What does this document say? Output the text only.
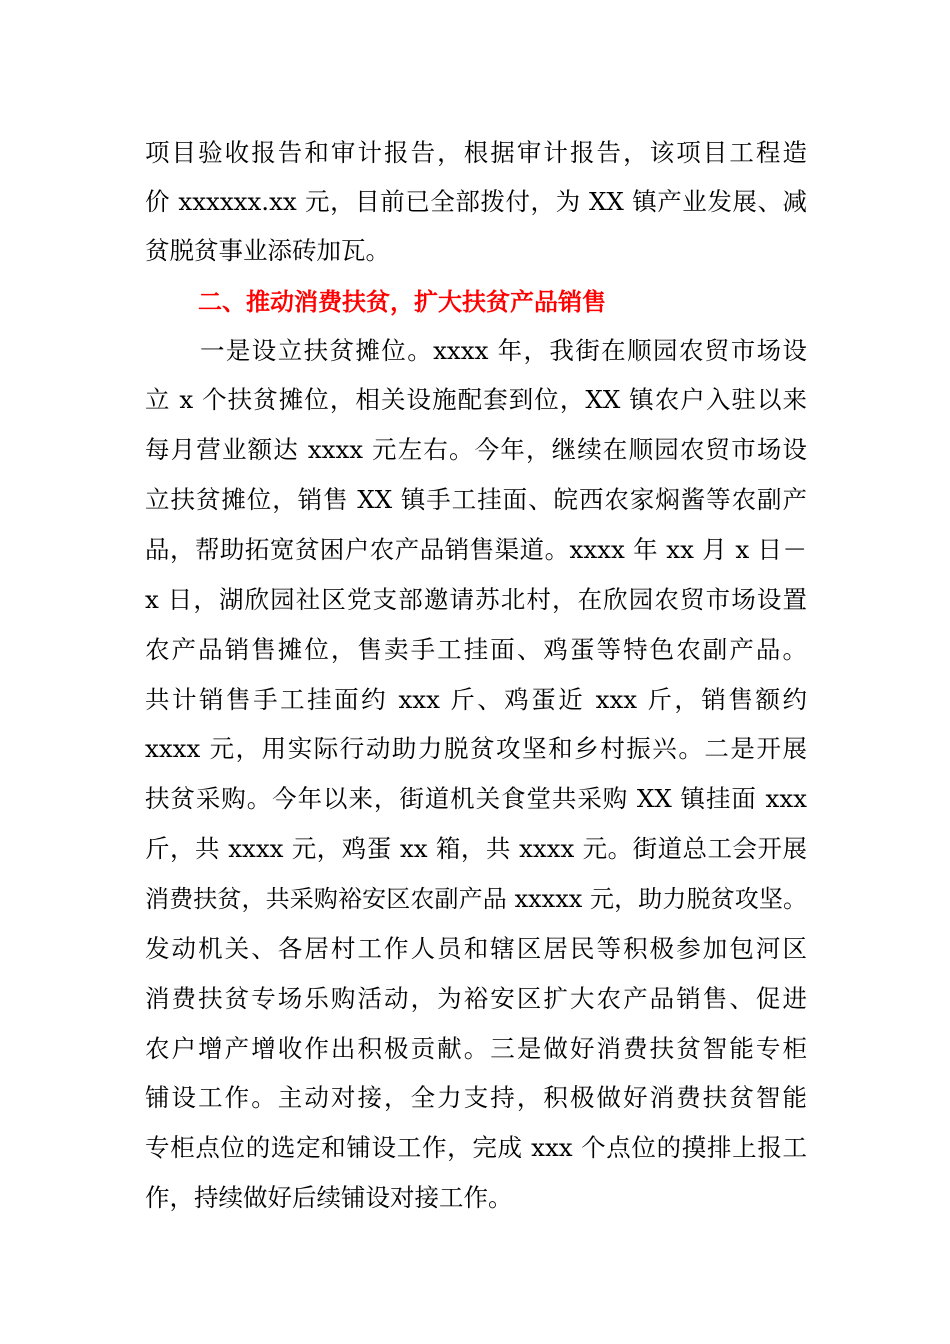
项目验收报告和审计报告，根据审计报告，该项目工程造
价 xxxxxx.xx 元，目前已全部拨付，为 XX 镇产业发展、减
贫脱贫事业添砖加瓦。
二、推动消费扶贫，扩大扶贫产品销售
一是设立扶贫摊位。xxxx 年，我街在顺园农贸市场设
立 x 个扶贫摊位，相关设施配套到位，XX 镇农户入驻以来
每月营业额达 xxxx 元左右。今年，继续在顺园农贸市场设
立扶贫摊位，销售 XX 镇手工挂面、皖西农家焖酱等农副产
品，帮助拓宽贫困户农产品销售渠道。xxxx 年 xx 月 x 日－
x 日，湖欣园社区党支部邀请苏北村，在欣园农贸市场设置
农产品销售摊位，售卖手工挂面、鸡蛋等特色农副产品。
共计销售手工挂面约 xxx 斤、鸡蛋近 xxx 斤，销售额约
xxxx 元，用实际行动助力脱贫攻坚和乡村振兴。二是开展
扶贫采购。今年以来，街道机关食堂共采购 XX 镇挂面 xxx
斤，共 xxxx 元，鸡蛋 xx 箱，共 xxxx 元。街道总工会开展
消费扶贫，共采购裕安区农副产品 xxxxx 元，助力脱贫攻坚。
发动机关、各居村工作人员和辖区居民等积极参加包河区
消费扶贫专场乐购活动，为裕安区扩大农产品销售、促进
农户增产增收作出积极贡献。三是做好消费扶贫智能专柜
铺设工作。主动对接，全力支持，积极做好消费扶贫智能
专柜点位的选定和铺设工作，完成 xxx 个点位的摸排上报工
作，持续做好后续铺设对接工作。
